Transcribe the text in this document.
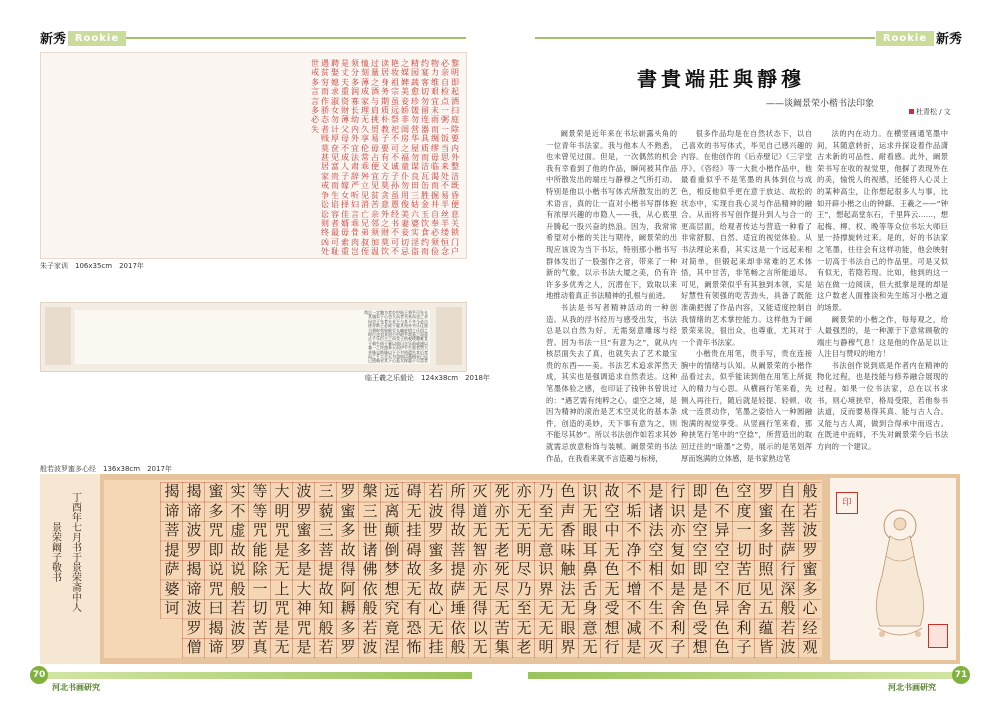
新秀 Rookie	Rookie 新秀
黎
明
即
起
洒
扫
庭
除
要
内
外
整
洁
既
昏
便
息
关
锁
门
户
必
亲
自
检
点
一
粥
一
饭
当
思
来
处
不
易
半
丝
半
缕
恒
念
物
力
维
艰
宜
未
雨
而
绸
缪
毋
临
渴
而
掘
井
自
奉
必
须
俭
约
宴
客
切
勿
留
连
器
具
质
而
洁
瓦
缶
胜
金
玉
饮
食
约
而
精
园
蔬
愈
珍
馐
勿
营
华
屋
勿
谋
良
田
三
姑
六
婆
实
淫
盗
之
媒
婢
美
妾
娇
非
闺
房
之
福
童
仆
勿
用
俊
美
妻
妾
切
忌
艳
妆
祖
宗
虽
远
祭
祀
不
可
不
诚
子
孙
虽
愚
经
书
不
可
不
读
居
身
务
期
质
朴
教
子
要
有
义
方
莫
贪
意
外
之
财
莫
饮
过
量
之
酒
与
肩
挑
贸
易
毋
占
便
宜
见
贫
苦
亲
邻
须
加
温
恤
刻
薄
成
家
理
无
久
享
伦
常
乖
舛
立
见
消
亡
兄
弟
叔
侄
须
分
多
润
寡
长
幼
内
外
宜
法
肃
辞
严
听
妇
言
乖
骨
肉
岂
是
丈
夫
重
资
财
薄
父
母
不
成
人
子
嫁
女
择
佳
婿
毋
索
重
聘
娶
媳
求
淑
女
勿
计
厚
奁
见
富
贵
而
生
谄
容
者
最
可
耻
遇
贫
穷
而
作
骄
态
者
贱
莫
甚
居
家
戒
争
讼
讼
则
终
凶
处
世
戒
多
言
言
多
必
失
朱子家训　106x35cm　2017年
夫
求
古
贤
之
意
宜
以
大
者
远
者
先
之
必
迂
回
而
难
通
然
后
已
焉
可
也
今
乐
氏
之
趣
或
者
其
未
尽
乎
而
多
劣
之
是
使
前
贤
失
指
于
将
来
不
亦
惜
哉
观
乐
生
遗
燕
惠
王
书
其
殆
庶
乎
机
合
乎
道
以
终
始
者
与
其
喻
昭
王
曰
伊
尹
放
太
甲
而
不
疑
太
甲
受
放
而
不
怨
是
存
大
业
于
至
公
而
以
天
下
为
心
者
也
夫
欲
极
道
之
量
务
以
天
下
为
心
者
必
致
其
主
于
盛
隆
合
其
趣
于
先
王
苟
君
臣
同
符
斯
大
业
定
矣
于
斯
时
也
乐
生
之
志
千
载
一
遇
也
亦
将
行
千
载
一
隆
之
道
岂
其
局
迹
当
时
止
于
兼
并
而
已
哉
临王羲之乐毅论　124x38cm　2018年
書貴端莊與靜穆
——谈阚景荣小楷书法印象
杜青松 / 文

阚景荣是近年来在书坛崭露头角的一位青年书法家。我与他本人不熟悉，也未曾见过面。但是，一次偶然的机会我有幸看到了他的作品，瞬间被其作品中所散发出的端庄与静穆之气所打动。特别是他以小楷书写体式所散发出的艺术语言，真的让一直对小楷书写群体抱有浓厚兴趣的市隐人——我，从心底里升腾起一股兴奋的热浪。因为，我常常希望对小楷的关注与期待，阚景荣的出现应该说为当下书坛，特别那小楷书写群体发出了一股强作之音，带来了一种新的气象，以示书法大厦之美，仍有许许多多优秀之人，沉潜在下，致取以来地推动着真正书法精神的孔根与前进。

书法是书写者精神活动的一种创造。从我的浮书经历与感受出发，书法总是以自然为好，无需刻意雕琢与经营。因为书法一旦“有意为之”，就从内核层面失去了真，也就失去了艺术最宝贵的东西——美。书法艺术追求浑然天成，其实也是强调追求自然表达。这种笔墨体验之感，也印证了钱钟书曾说过的：“遇艺需有纯粹之心，虚空之境，是因为精神的滚治是艺术空灵化的基本条件，创造的美妙，天下事有意为之，则不能尽其妙”。所以书法创作如若求其妙就需忌放意粉饰与装帧。阚景荣的书法作品，在我看来就不言造趣与标榜，

很多作品均是在自然状态下，以自己喜欢的书写体式，毕见自己感兴趣的内容。在他创作的《后赤壁记》《三字堂序》、《咨经》等一大批小楷作品中，他最看重似乎不是笔墨的具体到位与成色，相反他似乎更在意于放达、故松的状态中，实现自我心灵与作品精神的融合。从而将书写创作提升到人与合一的更高层面，给观者传达与营造一种看了非常舒服、自然、适宜的视觉体验。从书法理论来看，其实这是一个远起来相对简单，但锻起来却非常难的艺术体悟，其中甘苦，非笔畅之言所能道尽。可见，阚景荣似乎有其独到本领，实是好慧性有领强的吃苦劲头，具备了既能准确把握了作品内容，又能适度控制自我情绪的艺术掌控能力。这样他为于阚景荣来说，很出众，也尊重，尤其对于一个青年书法家。

小楷贵在用笔，贵手写，贵在连接腕中的情绪与认知。从阚景荣的小楷作品看过去，似乎能读到他在用笔上所捉入的精力与心思。从横画行笔来看，先侧入再往行，随后就是轻提、轻顿、收成一连贯动作，笔墨之姿恰入一种圆融饱满的视觉享受。从竖画行笔来看，那种挟笔行笔中的“空捻”，所营造出的取回迂往的“暗墨”之势，展示的是笔划浑厚而饱满的立体感，是书家熟边笔

法的内在动力。在横竖画通笔墨中间，其随意转折，运求并探设着作品潇古未新的可品性、耐看感。此外，阚景荣书写在收的视觉里，他摒了表现外在的美，愉悦人的视感，还能将人心灵上的某种高尘，让你想起很多人与事，比如开辟小楷之山的钟繇、王羲之——“钟王”，想起高堂东石，千里阵云……，想起梅、柳、权、晚等等众位书坛大师巨星一持撑旋转过来。是的，好的书法家之笔墨，往往会有这样功能，他会映射一切高于书法自己的作品里。可是又似有似无，若隐若现。比如，他到的这一站在做一边阅读，但大抵掌是现的却是这户数老人面雅淡和先生练习小楷之道的场景。

阚景荣的小楷之作，每每观之，给人最强烈的，是一种源于下意常顾敬的端庄与静穆气息！这是他的作品足以让人注目与赞叹的地方！

书法创作说到底是作者内在精神的物化过程，也是技能与修养融合展现的过程。如果一位书法家，总在以书求书，则心境狭窄，格局受限，若他参书法道，反而要易得其真、能与古人合。又能与古人离，做到合得承中而返古。在既进中而师，不失对阚景荣今后书法方向的一个建议。

般若波罗蜜多心经　136x38cm　2017年
丁酉年七月书于景荣斋中人
景荣阚子敬书
般
若
波
罗
蜜
多
心
经
观
自
在
菩
萨
行
深
般
若
波
罗
蜜
多
时
照
见
五
蕴
皆
空
度
一
切
苦
厄
舍
利
子
色
不
异
空
空
不
异
色
色
即
是
空
空
即
是
色
受
想
行
识
亦
复
如
是
舍
利
子
是
诸
法
空
相
不
生
不
灭
不
垢
不
净
不
增
不
减
是
故
空
中
无
色
无
受
想
行
识
无
眼
耳
鼻
舌
身
意
无
色
声
香
味
触
法
无
眼
界
乃
至
无
意
识
界
无
无
明
亦
无
无
明
尽
乃
至
无
老
死
亦
无
老
死
尽
无
苦
集
灭
道
无
智
亦
无
得
以
无
所
得
故
菩
提
萨
埵
依
般
若
波
罗
蜜
多
故
心
无
挂
碍
无
挂
碍
故
无
有
恐
怖
远
离
颠
倒
梦
想
究
竟
涅
槃
三
世
诸
佛
依
般
若
波
罗
蜜
多
故
得
阿
耨
多
罗
三
藐
三
菩
提
故
知
般
若
波
罗
蜜
多
是
大
神
咒
是
大
明
咒
是
无
上
咒
是
无
等
等
咒
能
除
一
切
苦
真
实
不
虚
故
说
般
若
波
罗
蜜
多
咒
即
说
咒
曰
揭
谛
揭
谛
波
罗
揭
谛
波
罗
僧
揭
谛
菩
提
萨
婆
诃
印
70
河北书画研究
71
河北书画研究
